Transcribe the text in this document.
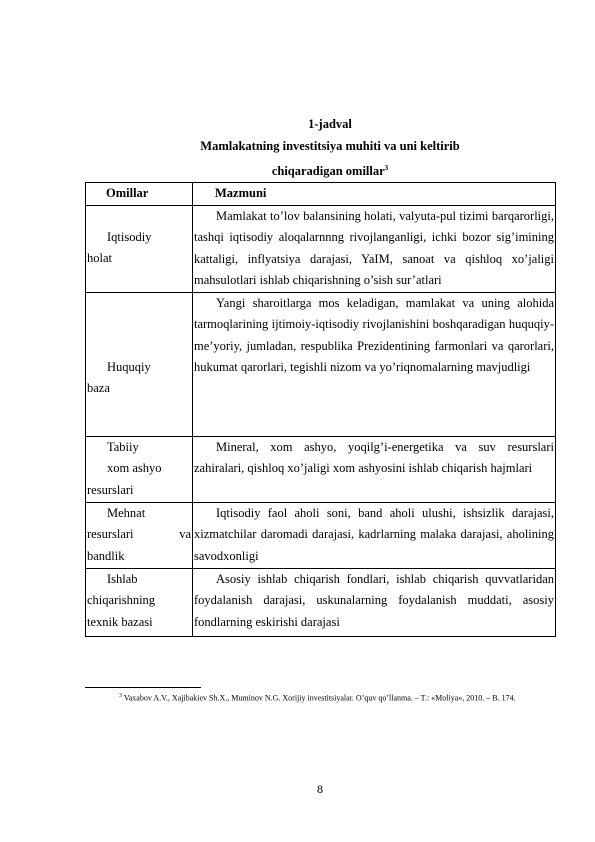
1-jadval
Mamlakatning investitsiya muhiti va uni keltirib
chiqaradigan omillar$^3$
Omillar	Mazmuni

Iqtisodiy
holat	Mamlakat to’lov balansining holati, valyuta-pul tizimi barqarorligi, tashqi iqtisodiy aloqalarnnng rivojlanganligi, ichki bozor sig’imining kattaligi, inflyatsiya darajasi, YaIM, sanoat va qishloq xo’jaligi mahsulotlari ishlab chiqarishning o’sish sur’atlari

Huquqiy
baza	Yangi sharoitlarga mos keladigan, mamlakat va uning alohida tarmoqlarining ijtimoiy-iqtisodiy rivojlanishini boshqaradigan huquqiy-me’yoriy, jumladan, respublika Prezidentining farmonlari va qarorlari, hukumat qarorlari, tegishli nizom va yo’riqnomalarning mavjudligi

Tabiiy
xom ashyo
resurslari	Mineral, xom ashyo, yoqilg’i-energetika va suv resurslari zahiralari, qishloq xo’jaligi xom ashyosini ishlab chiqarish hajmlari

Mehnat
resurslari va
bandlik	Iqtisodiy faol aholi soni, band aholi ulushi, ishsizlik darajasi, xizmatchilar daromadi darajasi, kadrlarning malaka darajasi, aholining savodxonligi

Ishlab
chiqarishning
texnik bazasi	Asosiy ishlab chiqarish fondlari, ishlab chiqarish quvvatlaridan foydalanish darajasi, uskunalarning foydalanish muddati, asosiy fondlarning eskirishi darajasi
$^3$ Vaxabov A.V., Xajibakiev Sh.X., Muminov N.G. Xorijiy investitsiyalar. O’quv qo’llanma. – T.: «Moliya», 2010. – B. 174.
8
